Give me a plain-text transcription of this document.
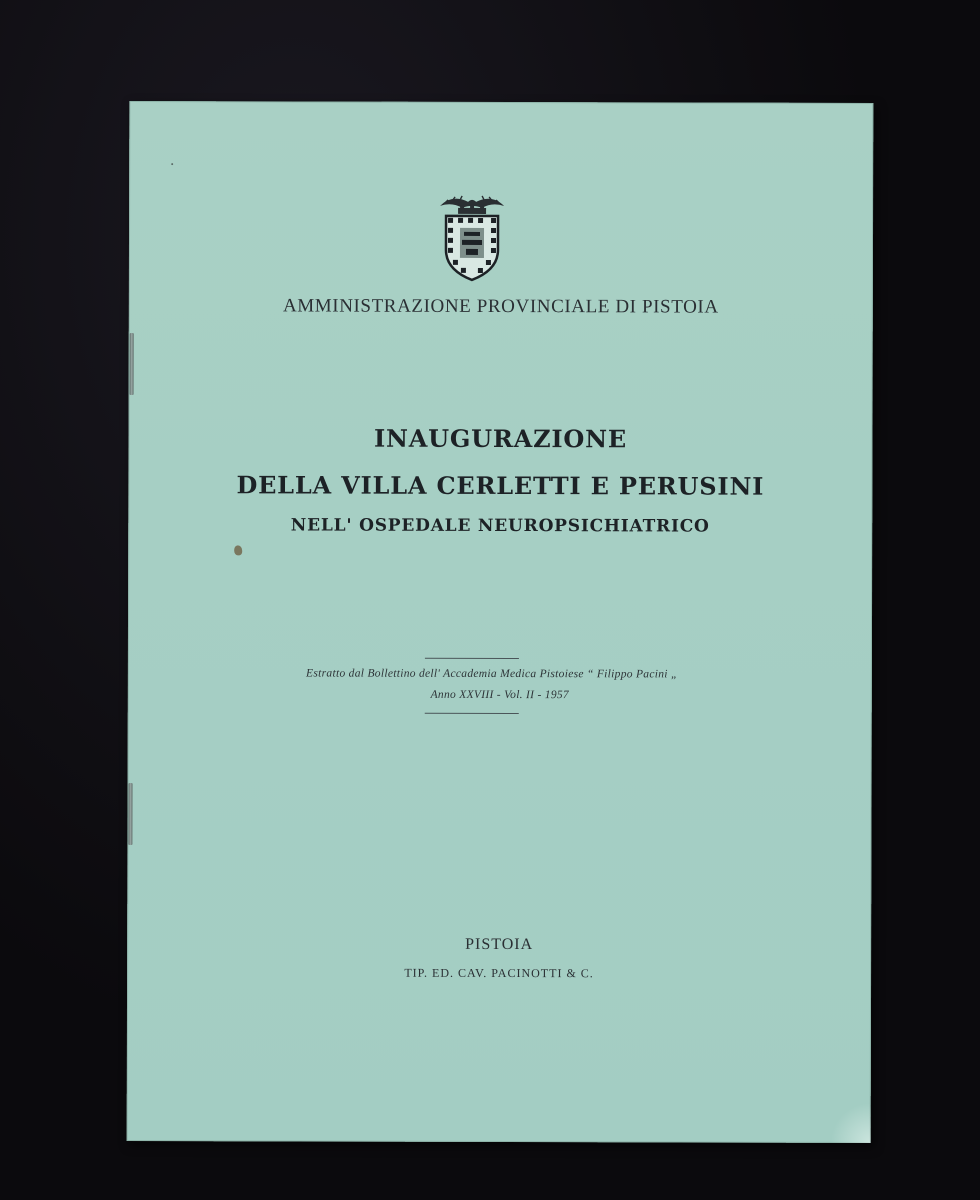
AMMINISTRAZIONE PROVINCIALE DI PISTOIA
INAUGURAZIONE
DELLA VILLA CERLETTI E PERUSINI
NELL' OSPEDALE NEUROPSICHIATRICO
Estratto dal Bollettino dell' Accademia Medica Pistoiese “ Filippo Pacini „
Anno XXVIII - Vol. II - 1957
PISTOIA
TIP. ED. CAV. PACINOTTI & C.
